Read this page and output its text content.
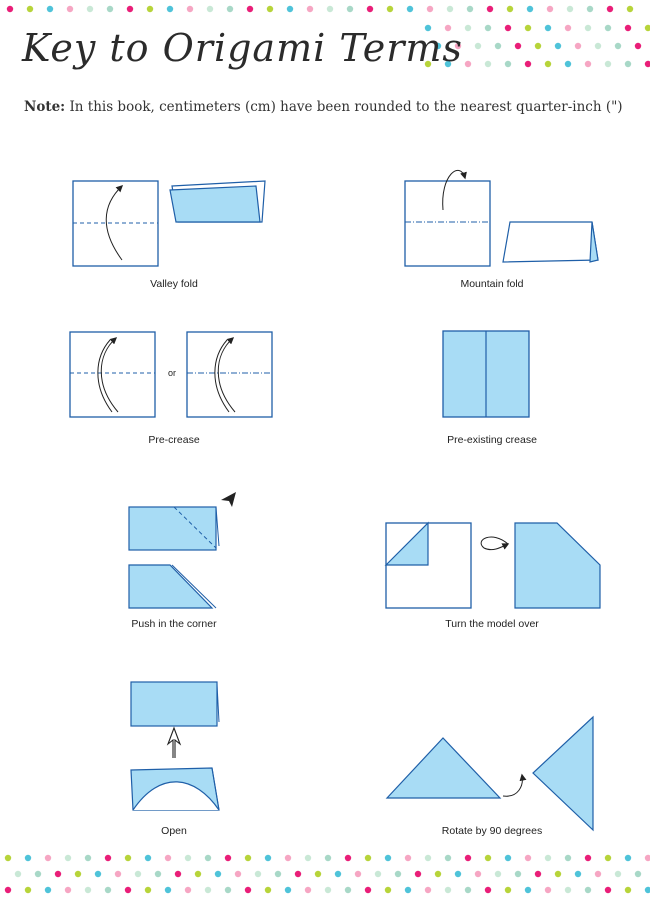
Key to Origami Terms

Note: In this book, centimeters (cm) have been rounded to the nearest quarter-inch (")

or
Valley fold	Mountain fold
Pre-crease	Pre-existing crease
Push in the corner	Turn the model over
Open	Rotate by 90 degrees
